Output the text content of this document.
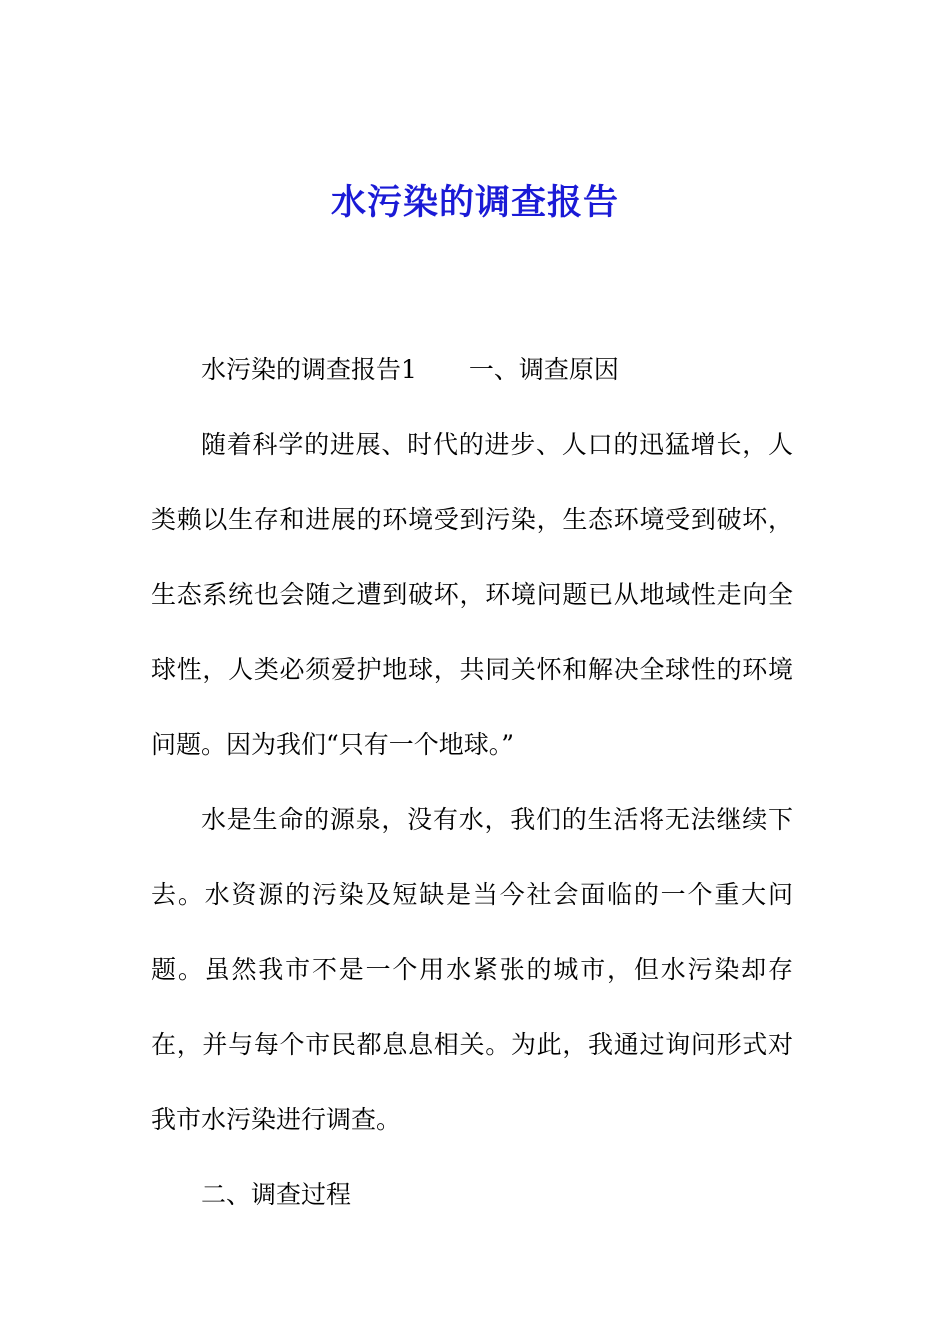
水污染的调查报告

水污染的调查报告1 一、调查原因

随着科学的进展、时代的进步、人口的迅猛增长，人类赖以生存和进展的环境受到污染，生态环境受到破坏，生态系统也会随之遭到破坏，环境问题已从地域性走向全球性，人类必须爱护地球，共同关怀和解决全球性的环境问题。因为我们“只有一个地球。”

水是生命的源泉，没有水，我们的生活将无法继续下去。水资源的污染及短缺是当今社会面临的一个重大问题。虽然我市不是一个用水紧张的城市，但水污染却存在，并与每个市民都息息相关。为此，我通过询问形式对我市水污染进行调查。

二、调查过程
